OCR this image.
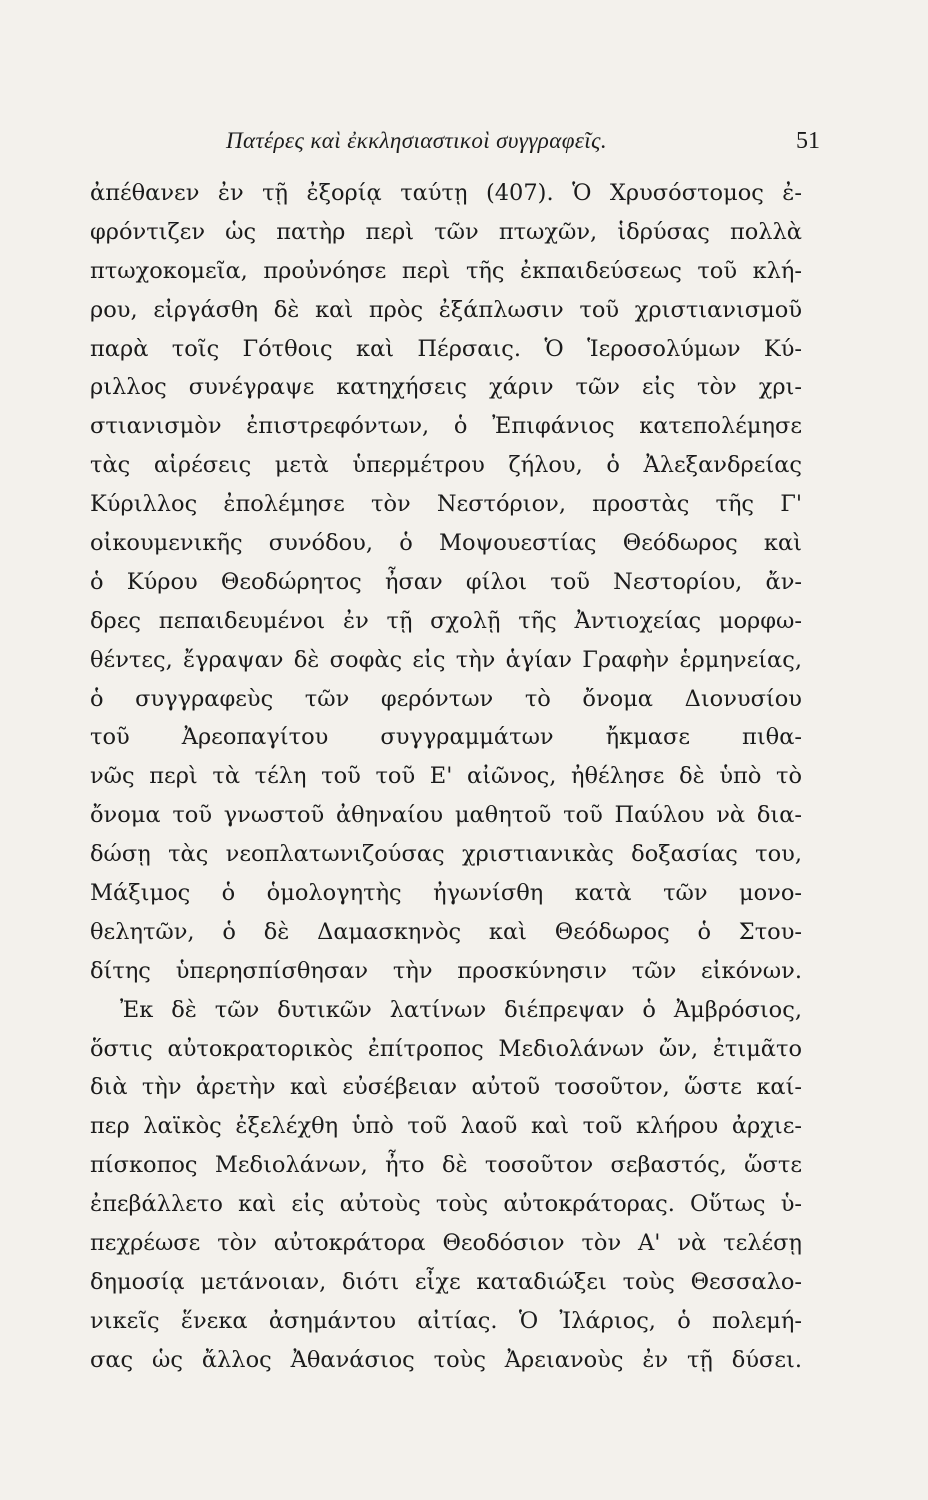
Πατέρες καὶ ἐκκλησιαστικοὶ συγγραφεῖς.	51
ἀπέθανεν ἐν τῇ ἐξορίᾳ ταύτῃ (407). Ὁ Χρυσόστομος ἐ-
φρόντιζεν ὡς πατὴρ περὶ τῶν πτωχῶν, ἱδρύσας πολλὰ
πτωχοκομεῖα, προὐνόησε περὶ τῆς ἐκπαιδεύσεως τοῦ κλή-
ρου, εἰργάσθη δὲ καὶ πρὸς ἐξάπλωσιν τοῦ χριστιανισμοῦ
παρὰ τοῖς Γότθοις καὶ Πέρσαις. Ὁ Ἱεροσολύμων Κύ-
ριλλος συνέγραψε κατηχήσεις χάριν τῶν εἰς τὸν χρι-
στιανισμὸν ἐπιστρεφόντων, ὁ Ἐπιφάνιος κατεπολέμησε
τὰς αἱρέσεις μετὰ ὑπερμέτρου ζήλου, ὁ Ἀλεξανδρείας
Κύριλλος ἐπολέμησε τὸν Νεστόριον, προστὰς τῆς Γ'
οἰκουμενικῆς συνόδου, ὁ Μοψουεστίας Θεόδωρος καὶ
ὁ Κύρου Θεοδώρητος ἦσαν φίλοι τοῦ Νεστορίου, ἄν-
δρες πεπαιδευμένοι ἐν τῇ σχολῇ τῆς Ἀντιοχείας μορφω-
θέντες, ἔγραψαν δὲ σοφὰς εἰς τὴν ἁγίαν Γραφὴν ἑρμηνείας,
ὁ συγγραφεὺς τῶν φερόντων τὸ ὄνομα Διονυσίου
τοῦ Ἀρεοπαγίτου συγγραμμάτων ἤκμασε πιθα-
νῶς περὶ τὰ τέλη τοῦ τοῦ Ε' αἰῶνος, ἠθέλησε δὲ ὑπὸ τὸ
ὄνομα τοῦ γνωστοῦ ἀθηναίου μαθητοῦ τοῦ Παύλου νὰ δια-
δώσῃ τὰς νεοπλατωνιζούσας χριστιανικὰς δοξασίας του,
Μάξιμος ὁ ὁμολογητὴς ἠγωνίσθη κατὰ τῶν μονο-
θελητῶν, ὁ δὲ Δαμασκηνὸς καὶ Θεόδωρος ὁ Στου-
δίτης ὑπερησπίσθησαν τὴν προσκύνησιν τῶν εἰκόνων.
Ἐκ δὲ τῶν δυτικῶν λατίνων διέπρεψαν ὁ Ἀμβρόσιος,
ὅστις αὐτοκρατορικὸς ἐπίτροπος Μεδιολάνων ὤν, ἐτιμᾶτο
διὰ τὴν ἀρετὴν καὶ εὐσέβειαν αὐτοῦ τοσοῦτον, ὥστε καί-
περ λαϊκὸς ἐξελέχθη ὑπὸ τοῦ λαοῦ καὶ τοῦ κλήρου ἀρχιε-
πίσκοπος Μεδιολάνων, ἦτο δὲ τοσοῦτον σεβαστός, ὥστε
ἐπεβάλλετο καὶ εἰς αὐτοὺς τοὺς αὐτοκράτορας. Οὕτως ὑ-
πεχρέωσε τὸν αὐτοκράτορα Θεοδόσιον τὸν Α' νὰ τελέσῃ
δημοσίᾳ μετάνοιαν, διότι εἶχε καταδιώξει τοὺς Θεσσαλο-
νικεῖς ἕνεκα ἀσημάντου αἰτίας. Ὁ Ἰλάριος, ὁ πολεμή-
σας ὡς ἄλλος Ἀθανάσιος τοὺς Ἀρειανοὺς ἐν τῇ δύσει.
